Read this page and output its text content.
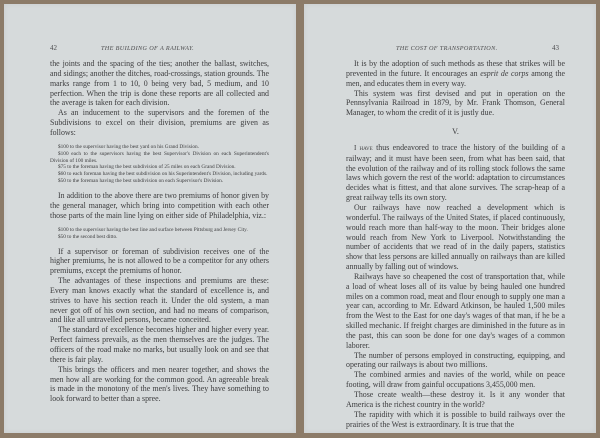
42	THE BUILDING OF A RAILWAY.

the joints and the spacing of the ties; another the ballast, switches, and sidings; another the ditches, road-crossings, station grounds. The marks range from 1 to 10, 0 being very bad, 5 medium, and 10 perfection. When the trip is done these reports are all collected and the average is taken for each division.

As an inducement to the supervisors and the foremen of the Subdivisions to excel on their division, premiums are given as follows:

$100 to the supervisor having the best yard on his Grand Division.
$100 each to the supervisors having the best Supervisor's Division on each Superintendent's Division of 100 miles.
$75 to the foreman having the best subdivision of 25 miles on each Grand Division.
$60 to each foreman having the best subdivision on his Superintendent's Division, including yards.
$50 to the foreman having the best subdivision on each Supervisor's Division.

In addition to the above there are two premiums of honor given by the general manager, which bring into competition with each other those parts of the main line lying on either side of Philadelphia, viz.:

$100 to the supervisor having the best line and surface between Pittsburg and Jersey City.
$50 to the second best ditto.

If a supervisor or foreman of subdivision receives one of the higher premiums, he is not allowed to be a competitor for any others premiums, except the premiums of honor.

The advantages of these inspections and premiums are these: Every man knows exactly what the standard of excellence is, and strives to have his section reach it. Under the old system, a man never got off of his own section, and had no means of comparison, and like all untravelled persons, became conceited.

The standard of excellence becomes higher and higher every year. Perfect fairness prevails, as the men themselves are the judges. The officers of the road make no marks, but usually look on and see that there is fair play.

This brings the officers and men nearer together, and shows the men how all are working for the common good. An agreeable break is made in the monotony of the men's lives. They have something to look forward to better than a spree.

THE COST OF TRANSPORTATION.	43

It is by the adoption of such methods as these that strikes will be prevented in the future. It encourages an esprit de corps among the men, and educates them in every way.

This system was first devised and put in operation on the Pennsylvania Railroad in 1879, by Mr. Frank Thomson, General Manager, to whom the credit of it is justly due.

V.

I have thus endeavored to trace the history of the building of a railway; and it must have been seen, from what has been said, that the evolution of the railway and of its rolling stock follows the same laws which govern the rest of the world: adaptation to circumstances decides what is fittest, and that alone survives. The scrap-heap of a great railway tells its own story.

Our railways have now reached a development which is wonderful. The railways of the United States, if placed continuously, would reach more than half-way to the moon. Their bridges alone would reach from New York to Liverpool. Notwithstanding the number of accidents that we read of in the daily papers, statistics show that less persons are killed annually on railways than are killed annually by falling out of windows.

Railways have so cheapened the cost of transportation that, while a load of wheat loses all of its value by being hauled one hundred miles on a common road, meat and flour enough to supply one man a year can, according to Mr. Edward Atkinson, be hauled 1,500 miles from the West to the East for one day's wages of that man, if he be a skilled mechanic. If freight charges are diminished in the future as in the past, this can soon be done for one day's wages of a common laborer.

The number of persons employed in constructing, equipping, and operating our railways is about two millions.

The combined armies and navies of the world, while on peace footing, will draw from gainful occupations 3,455,000 men.

Those create wealth—these destroy it. Is it any wonder that America is the richest country in the world?

The rapidity with which it is possible to build railways over the prairies of the West is extraordinary. It is true that the
